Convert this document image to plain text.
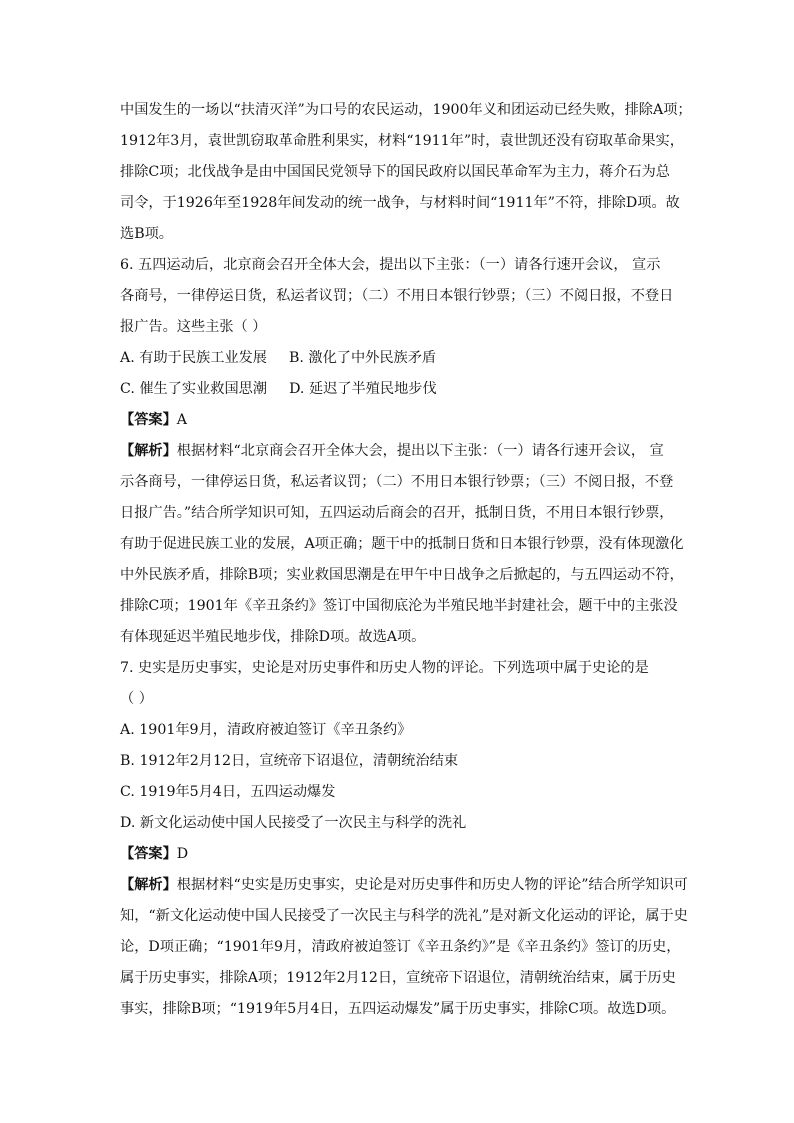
中国发生的一场以“扶清灭洋”为口号的农民运动，1900年义和团运动已经失败，排除A项；
1912年3月，袁世凯窃取革命胜利果实，材料“1911年”时，袁世凯还没有窃取革命果实，
排除C项；北伐战争是由中国国民党领导下的国民政府以国民革命军为主力，蒋介石为总
司令，于1926年至1928年间发动的统一战争，与材料时间“1911年”不符，排除D项。故
选B项。
6. 五四运动后，北京商会召开全体大会，提出以下主张：（一）请各行速开会议， 宣示
各商号，一律停运日货，私运者议罚；（二）不用日本银行钞票；（三）不阅日报，不登日
报广告。这些主张（ ）
A. 有助于民族工业发展 B. 激化了中外民族矛盾
C. 催生了实业救国思潮 D. 延迟了半殖民地步伐
【答案】A
【解析】根据材料“北京商会召开全体大会，提出以下主张：（一）请各行速开会议， 宣
示各商号，一律停运日货，私运者议罚；（二）不用日本银行钞票；（三）不阅日报，不登
日报广告。”结合所学知识可知，五四运动后商会的召开，抵制日货，不用日本银行钞票，
有助于促进民族工业的发展，A项正确；题干中的抵制日货和日本银行钞票，没有体现激化
中外民族矛盾，排除B项；实业救国思潮是在甲午中日战争之后掀起的，与五四运动不符，
排除C项；1901年《辛丑条约》签订中国彻底沦为半殖民地半封建社会，题干中的主张没
有体现延迟半殖民地步伐，排除D项。故选A项。
7. 史实是历史事实，史论是对历史事件和历史人物的评论。下列选项中属于史论的是
（ ）
A. 1901年9月，清政府被迫签订《辛丑条约》
B. 1912年2月12日，宣统帝下诏退位，清朝统治结束
C. 1919年5月4日，五四运动爆发
D. 新文化运动使中国人民接受了一次民主与科学的洗礼
【答案】D
【解析】根据材料“史实是历史事实，史论是对历史事件和历史人物的评论”结合所学知识可
知，“新文化运动使中国人民接受了一次民主与科学的洗礼”是对新文化运动的评论，属于史
论，D项正确；“1901年9月，清政府被迫签订《辛丑条约》”是《辛丑条约》签订的历史，
属于历史事实，排除A项；1912年2月12日，宣统帝下诏退位，清朝统治结束，属于历史
事实，排除B项；“1919年5月4日，五四运动爆发”属于历史事实，排除C项。故选D项。
